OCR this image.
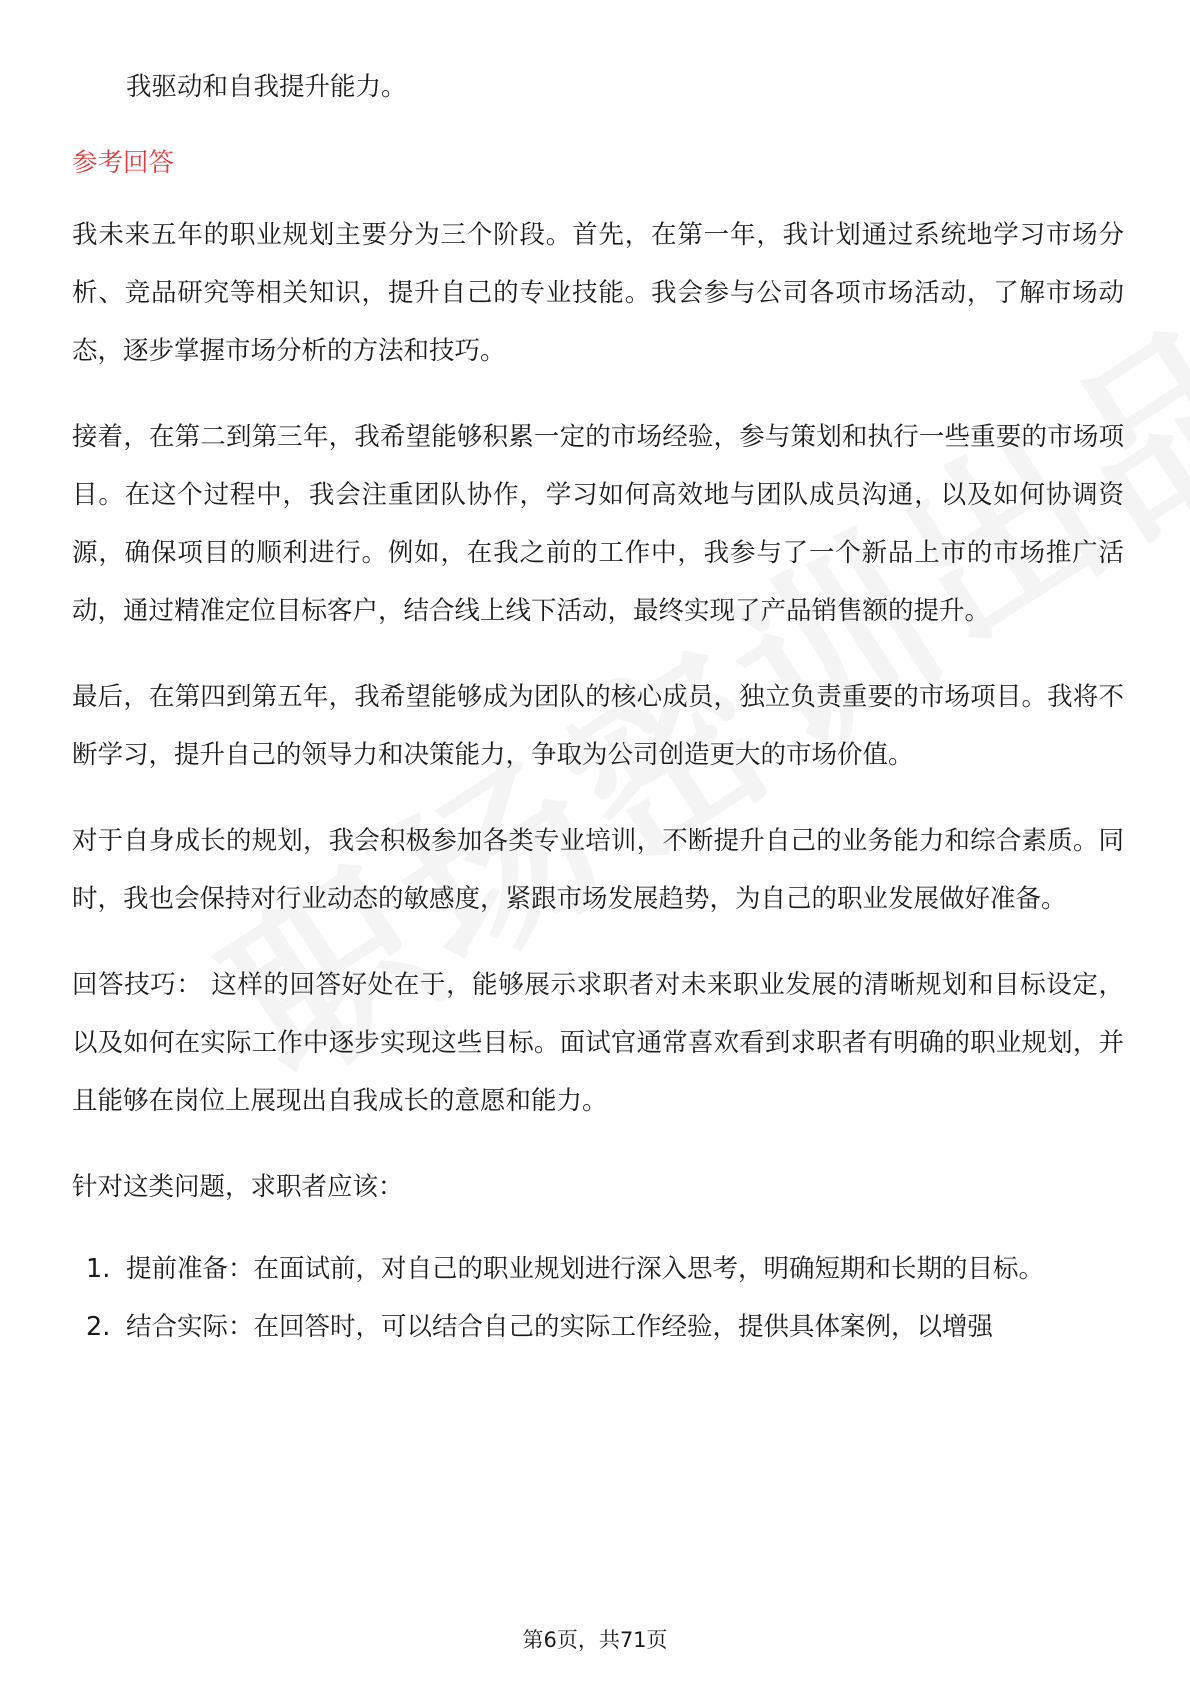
我驱动和自我提升能力。

参考回答

我未来五年的职业规划主要分为三个阶段。首先，在第一年，我计划通过系统地学习市场分析、竞品研究等相关知识，提升自己的专业技能。我会参与公司各项市场活动，了解市场动态，逐步掌握市场分析的方法和技巧。

接着，在第二到第三年，我希望能够积累一定的市场经验，参与策划和执行一些重要的市场项目。在这个过程中，我会注重团队协作，学习如何高效地与团队成员沟通，以及如何协调资源，确保项目的顺利进行。例如，在我之前的工作中，我参与了一个新品上市的市场推广活动，通过精准定位目标客户，结合线上线下活动，最终实现了产品销售额的提升。

最后，在第四到第五年，我希望能够成为团队的核心成员，独立负责重要的市场项目。我将不断学习，提升自己的领导力和决策能力，争取为公司创造更大的市场价值。

对于自身成长的规划，我会积极参加各类专业培训，不断提升自己的业务能力和综合素质。同时，我也会保持对行业动态的敏感度，紧跟市场发展趋势，为自己的职业发展做好准备。

回答技巧： 这样的回答好处在于，能够展示求职者对未来职业发展的清晰规划和目标设定，以及如何在实际工作中逐步实现这些目标。面试官通常喜欢看到求职者有明确的职业规划，并且能够在岗位上展现出自我成长的意愿和能力。

针对这类问题，求职者应该：

1. 提前准备：在面试前，对自己的职业规划进行深入思考，明确短期和长期的目标。
2. 结合实际：在回答时，可以结合自己的实际工作经验，提供具体案例，以增强
第6页，共71页
